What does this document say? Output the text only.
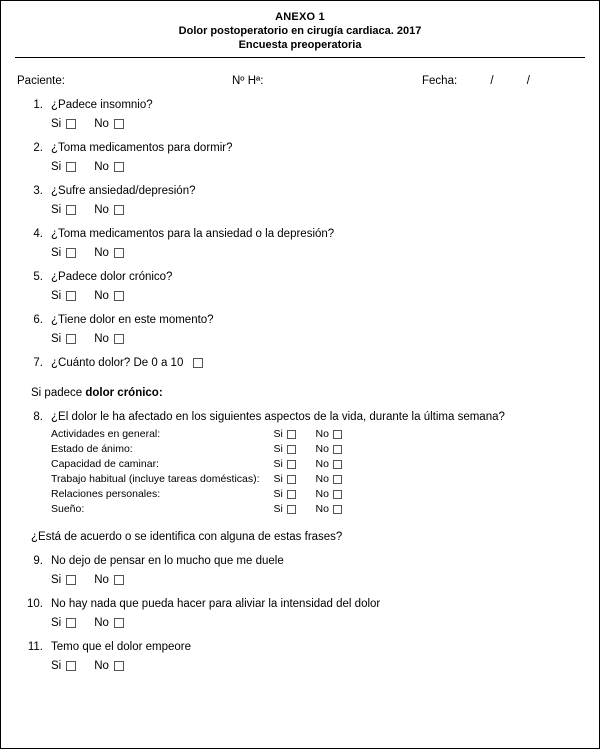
ANEXO 1
Dolor postoperatorio en cirugía cardiaca. 2017
Encuesta preoperatoria
Paciente:	Nº Hª:	Fecha:	/	/
1. ¿Padece insomnio?
Si	No
2. ¿Toma medicamentos para dormir?
Si	No
3. ¿Sufre ansiedad/depresión?
Si	No
4. ¿Toma medicamentos para la ansiedad o la depresión?
Si	No
5. ¿Padece dolor crónico?
Si	No
6. ¿Tiene dolor en este momento?
Si	No
7. ¿Cuánto dolor? De 0 a 10
Si padece dolor crónico:
8. ¿El dolor le ha afectado en los siguientes aspectos de la vida, durante la última semana?
Actividades en general:	Si	No
Estado de ánimo:	Si	No
Capacidad de caminar:	Si	No
Trabajo habitual (incluye tareas domésticas):	Si	No
Relaciones personales:	Si	No
Sueño:	Si	No
¿Está de acuerdo o se identifica con alguna de estas frases?
9. No dejo de pensar en lo mucho que me duele
Si	No
10. No hay nada que pueda hacer para aliviar la intensidad del dolor
Si	No
11. Temo que el dolor empeore
Si	No
